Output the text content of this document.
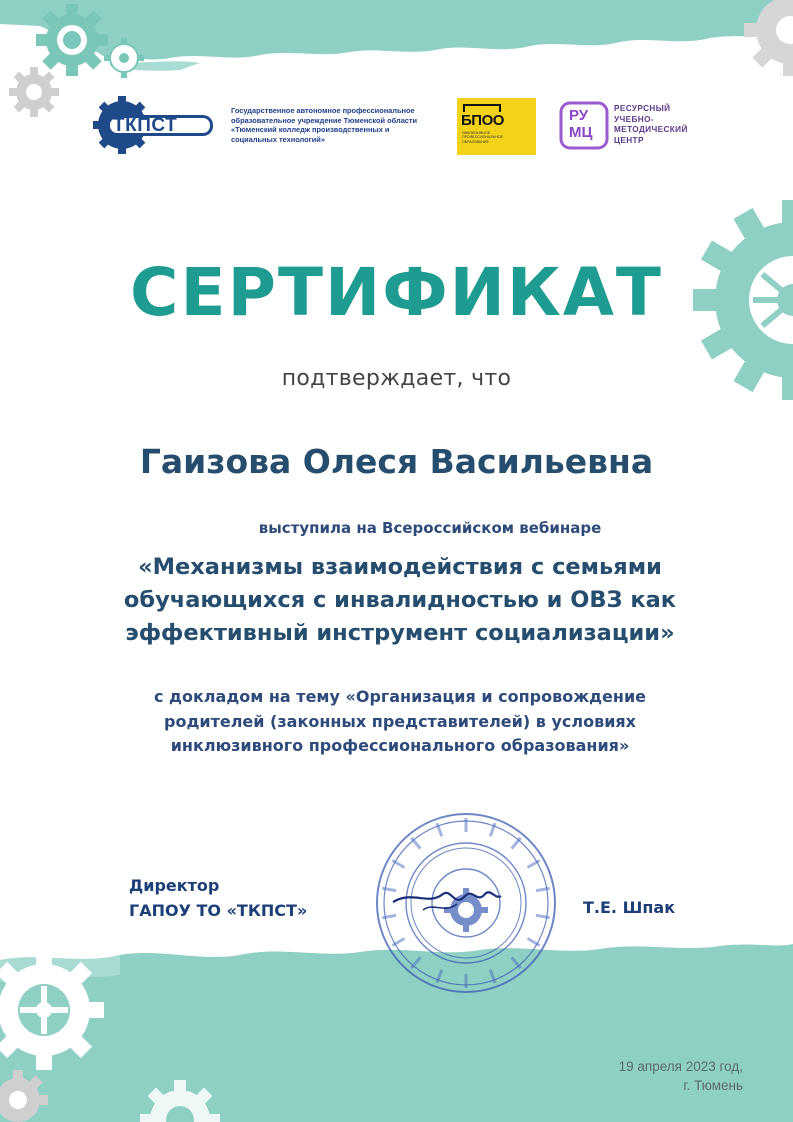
ТКПСТ
Государственное автономное профессиональное
образовательное учреждение Тюменской области
«Тюменский колледж производственных и
социальных технологий»
БПОО
ИНКЛЮЗИВНОЕ ПРОФЕССИОНАЛЬНОЕ ОБРАЗОВАНИЕ
РУ
МЦ
РЕСУРСНЫЙ
УЧЕБНО-
МЕТОДИЧЕСКИЙ
ЦЕНТР
СЕРТИФИКАТ
подтверждает, что
Гаизова Олеся Васильевна
выступила на Всероссийском вебинаре
«Механизмы взаимодействия с семьями
обучающихся с инвалидностью и ОВЗ как
эффективный инструмент социализации»
с докладом на тему «Организация и сопровождение
родителей (законных представителей) в условиях
инклюзивного профессионального образования»
Директор
ГАПОУ ТО «ТКПСТ»	Т.Е. Шпак
19 апреля 2023 год,
г. Тюмень
